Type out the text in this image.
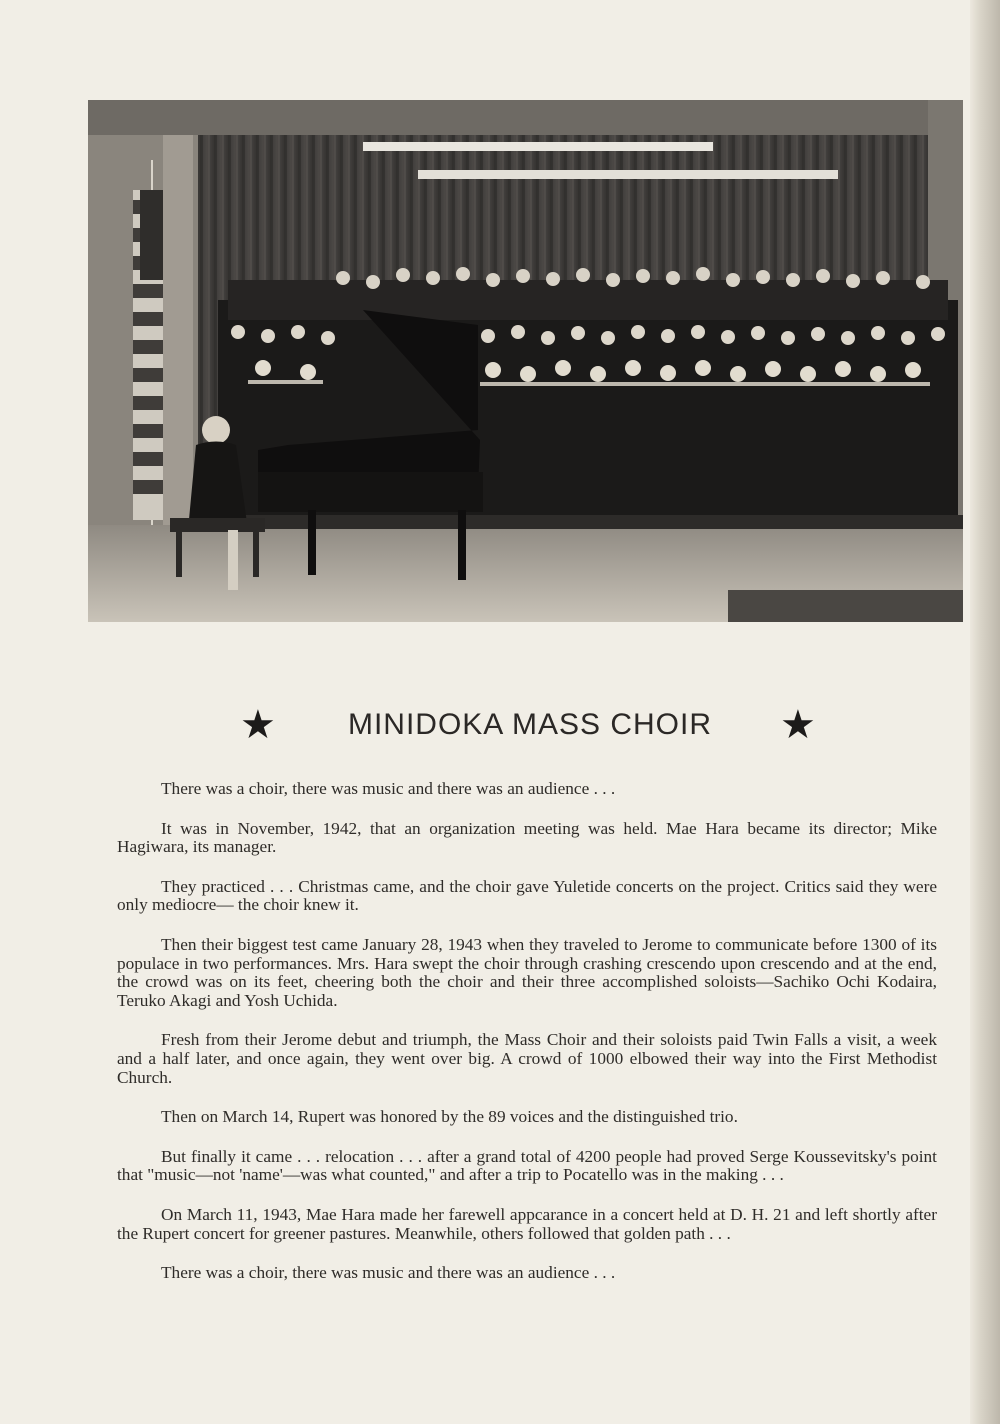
★	MINIDOKA MASS CHOIR	★

There was a choir, there was music and there was an audience . . .

It was in November, 1942, that an organization meeting was held. Mae Hara became its director; Mike Hagiwara, its manager.

They practiced . . . Christmas came, and the choir gave Yuletide concerts on the project. Critics said they were only mediocre— the choir knew it.

Then their biggest test came January 28, 1943 when they traveled to Jerome to communicate before 1300 of its populace in two performances. Mrs. Hara swept the choir through crashing crescendo upon crescendo and at the end, the crowd was on its feet, cheering both the choir and their three accomplished soloists—Sachiko Ochi Kodaira, Teruko Akagi and Yosh Uchida.

Fresh from their Jerome debut and triumph, the Mass Choir and their soloists paid Twin Falls a visit, a week and a half later, and once again, they went over big. A crowd of 1000 elbowed their way into the First Methodist Church.

Then on March 14, Rupert was honored by the 89 voices and the distinguished trio.

But finally it came . . . relocation . . . after a grand total of 4200 people had proved Serge Koussevitsky's point that "music—not 'name'—was what counted," and after a trip to Pocatello was in the making . . .

On March 11, 1943, Mae Hara made her farewell appcarance in a concert held at D. H. 21 and left shortly after the Rupert concert for greener pastures. Meanwhile, others followed that golden path . . .

There was a choir, there was music and there was an audience . . .
